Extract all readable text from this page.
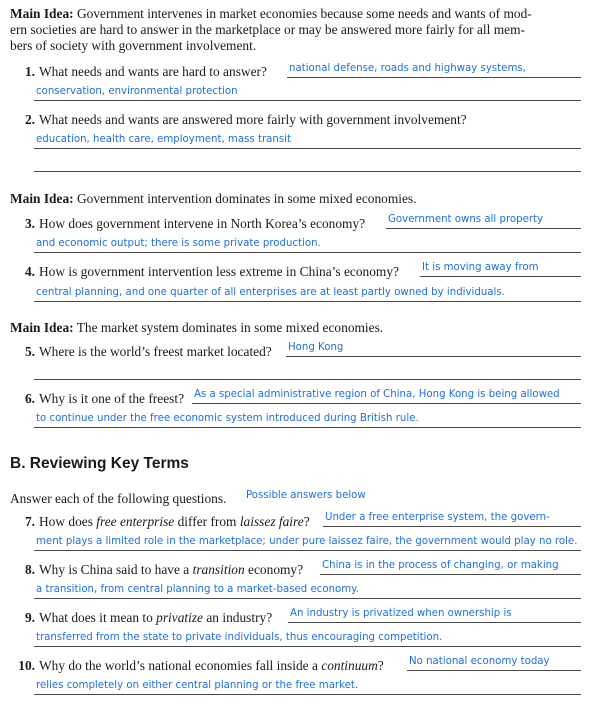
Main Idea: Government intervenes in market economies because some needs and wants of mod-
ern societies are hard to answer in the marketplace or may be answered more fairly for all mem-
bers of society with government involvement.
1. What needs and wants are hard to answer?	national defense, roads and highway systems,
conservation, environmental protection
2. What needs and wants are answered more fairly with government involvement?
education, health care, employment, mass transit
Main Idea: Government intervention dominates in some mixed economies.
3. How does government intervene in North Korea’s economy?	Government owns all property
and economic output; there is some private production.
4. How is government intervention less extreme in China’s economy?	It is moving away from
central planning, and one quarter of all enterprises are at least partly owned by individuals.
Main Idea: The market system dominates in some mixed economies.
5. Where is the world’s freest market located?	Hong Kong
6. Why is it one of the freest? As a special administrative region of China, Hong Kong is being allowed
to continue under the free economic system introduced during British rule.
B. Reviewing Key Terms
Answer each of the following questions.	Possible answers below
7. How does free enterprise differ from laissez faire?	Under a free enterprise system, the govern-
ment plays a limited role in the marketplace; under pure laissez faire, the government would play no role.
8. Why is China said to have a transition economy?	China is in the process of changing, or making
a transition, from central planning to a market-based economy.
9. What does it mean to privatize an industry?	An industry is privatized when ownership is
transferred from the state to private individuals, thus encouraging competition.
10. Why do the world’s national economies fall inside a continuum?	No national economy today
relies completely on either central planning or the free market.
